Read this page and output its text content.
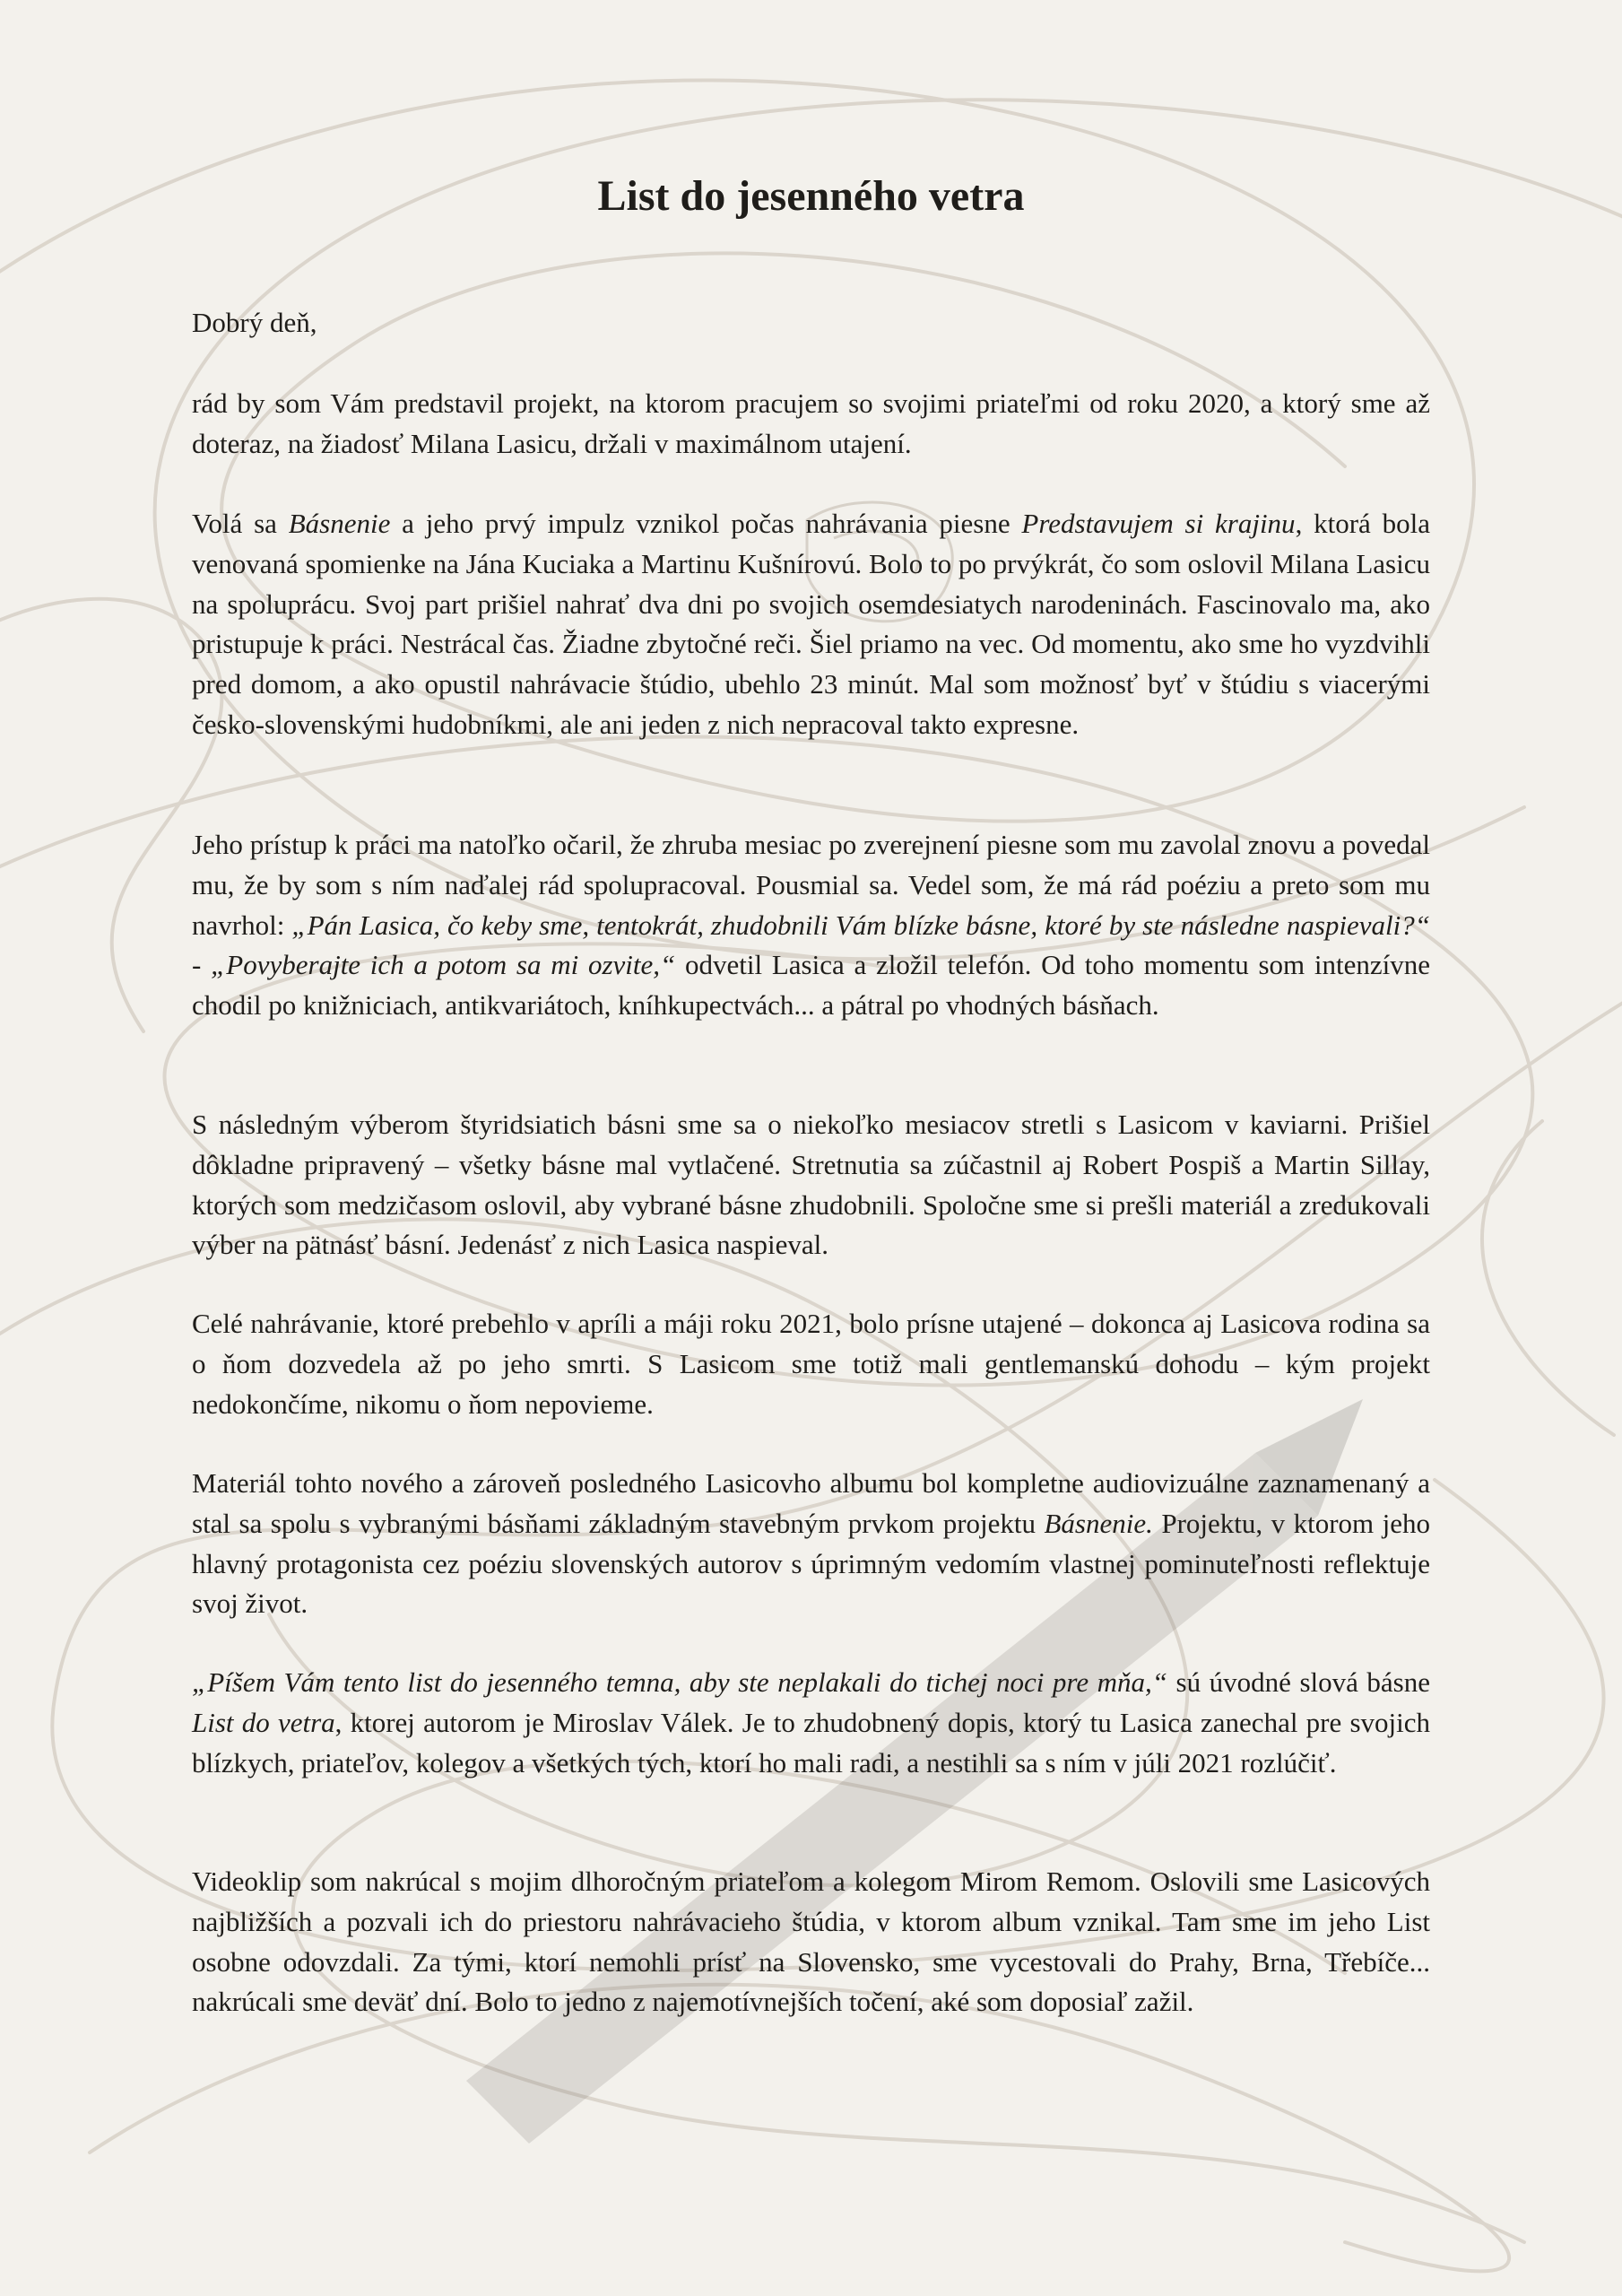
List do jesenného vetra

Dobrý deň,

rád by som Vám predstavil projekt, na ktorom pracujem so svojimi priateľmi od roku 2020, a ktorý sme až doteraz, na žiadosť Milana Lasicu, držali v maximálnom utajení.

Volá sa Básnenie a jeho prvý impulz vznikol počas nahrávania piesne Predstavujem si krajinu, ktorá bola venovaná spomienke na Jána Kuciaka a Martinu Kušnírovú. Bolo to po prvýkrát, čo som oslovil Milana Lasicu na spoluprácu. Svoj part prišiel nahrať dva dni po svojich osemdesiatych narodeninách. Fascinovalo ma, ako pristupuje k práci. Nestrácal čas. Žiadne zbytočné reči. Šiel priamo na vec. Od momentu, ako sme ho vyzdvihli pred domom, a ako opustil nahrávacie štúdio, ubehlo 23 minút. Mal som možnosť byť v štúdiu s viacerými česko-slovenskými hudobníkmi, ale ani jeden z nich nepracoval takto expresne.

Jeho prístup k práci ma natoľko očaril, že zhruba mesiac po zverejnení piesne som mu zavolal znovu a povedal mu, že by som s ním naďalej rád spolupracoval. Pousmial sa. Vedel som, že má rád poéziu a preto som mu navrhol: „Pán Lasica, čo keby sme, tentokrát, zhudobnili Vám blízke básne, ktoré by ste následne naspievali?“ - „Povyberajte ich a potom sa mi ozvite,“ odvetil Lasica a zložil telefón. Od toho momentu som intenzívne chodil po knižniciach, antikvariátoch, kníhkupectvách... a pátral po vhodných básňach.

S následným výberom štyridsiatich básni sme sa o niekoľko mesiacov stretli s Lasicom v kaviarni. Prišiel dôkladne pripravený – všetky básne mal vytlačené. Stretnutia sa zúčastnil aj Robert Pospiš a Martin Sillay, ktorých som medzičasom oslovil, aby vybrané básne zhudobnili. Spoločne sme si prešli materiál a zredukovali výber na pätnásť básní. Jedenásť z nich Lasica naspieval.

Celé nahrávanie, ktoré prebehlo v apríli a máji roku 2021, bolo prísne utajené – dokonca aj Lasicova rodina sa o ňom dozvedela až po jeho smrti. S Lasicom sme totiž mali gentlemanskú dohodu – kým projekt nedokončíme, nikomu o ňom nepovieme.

Materiál tohto nového a zároveň posledného Lasicovho albumu bol kompletne audiovizuálne zaznamenaný a stal sa spolu s vybranými básňami základným stavebným prvkom projektu Básnenie. Projektu, v ktorom jeho hlavný protagonista cez poéziu slovenských autorov s úprimným vedomím vlastnej pominuteľnosti reflektuje svoj život.

„Píšem Vám tento list do jesenného temna, aby ste neplakali do tichej noci pre mňa,“ sú úvodné slová básne List do vetra, ktorej autorom je Miroslav Válek. Je to zhudobnený dopis, ktorý tu Lasica zanechal pre svojich blízkych, priateľov, kolegov a všetkých tých, ktorí ho mali radi, a nestihli sa s ním v júli 2021 rozlúčiť.

Videoklip som nakrúcal s mojim dlhoročným priateľom a kolegom Mirom Remom. Oslovili sme Lasicových najbližších a pozvali ich do priestoru nahrávacieho štúdia, v ktorom album vznikal. Tam sme im jeho List osobne odovzdali. Za tými, ktorí nemohli prísť na Slovensko, sme vycestovali do Prahy, Brna, Třebíče... nakrúcali sme deväť dní. Bolo to jedno z najemotívnejších točení, aké som doposiaľ zažil.
